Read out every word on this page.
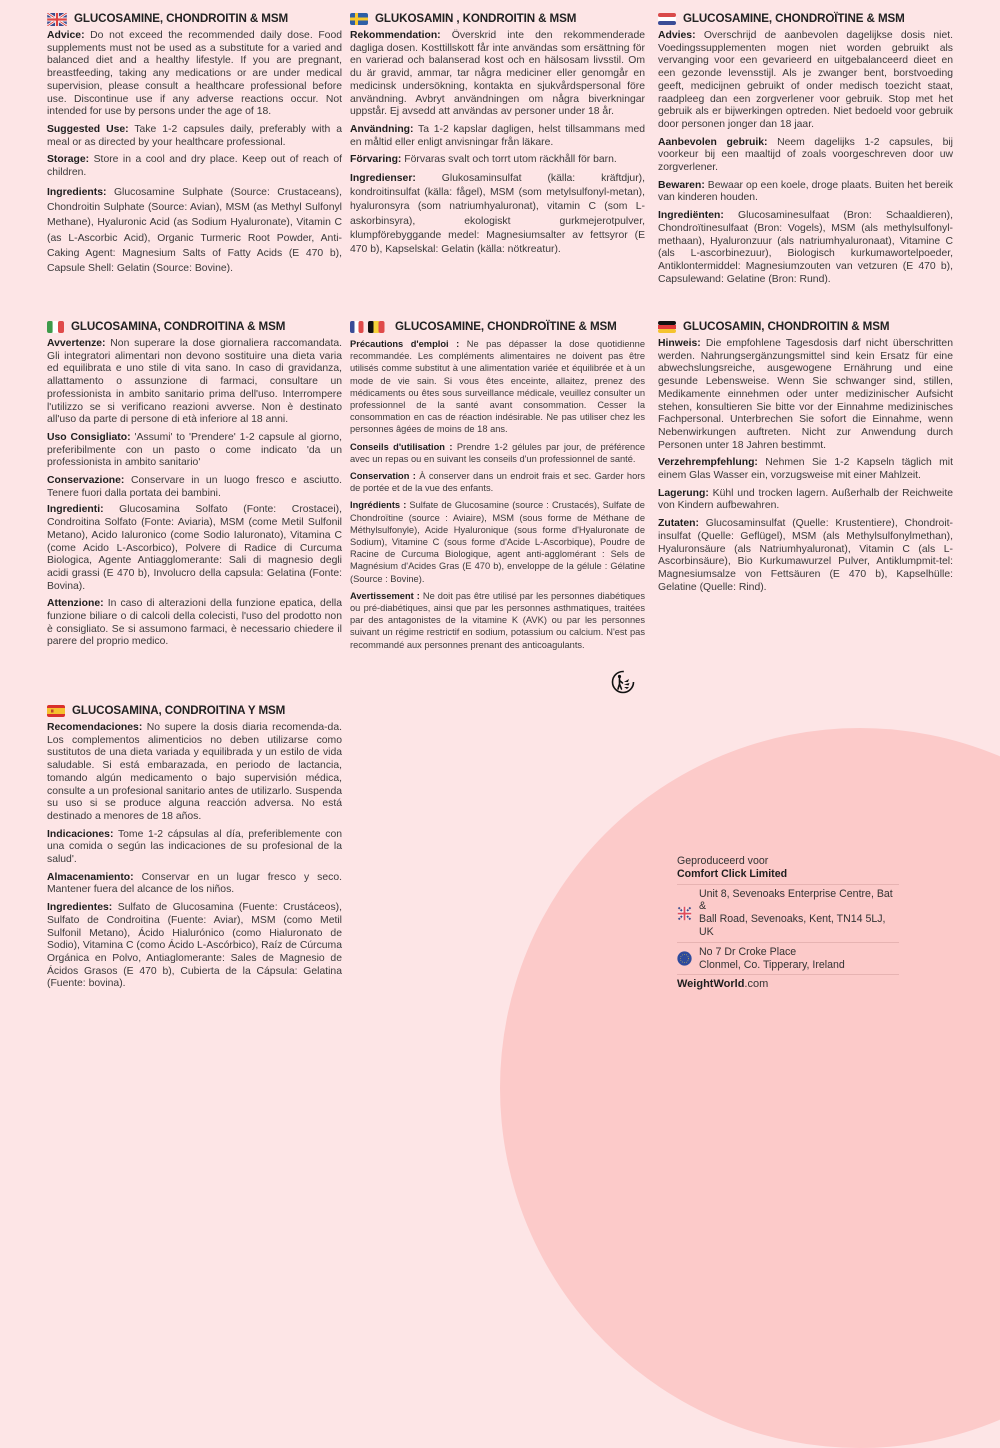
GLUCOSAMINE, CHONDROITIN & MSM

Advice: Do not exceed the recommended daily dose. Food supplements must not be used as a substitute for a varied and balanced diet and a healthy lifestyle. If you are pregnant, breastfeeding, taking any medications or are under medical supervision, please consult a healthcare professional before use. Discontinue use if any adverse reactions occur. Not intended for use by persons under the age of 18.

Suggested Use: Take 1-2 capsules daily, preferably with a meal or as directed by your healthcare professional.

Storage: Store in a cool and dry place. Keep out of reach of children.

Ingredients: Glucosamine Sulphate (Source: Crustaceans), Chondroitin Sulphate (Source: Avian), MSM (as Methyl Sulfonyl Methane), Hyaluronic Acid (as Sodium Hyaluronate), Vitamin C (as L-Ascorbic Acid), Organic Turmeric Root Powder, Anti-Caking Agent: Magnesium Salts of Fatty Acids (E 470 b), Capsule Shell: Gelatin (Source: Bovine).

GLUKOSAMIN , KONDROITIN & MSM

Rekommendation: Överskrid inte den rekommenderade dagliga dosen. Kosttillskott får inte användas som ersättning för en varierad och balanserad kost och en hälsosam livsstil. Om du är gravid, ammar, tar några mediciner eller genomgår en medicinsk undersökning, kontakta en sjukvårdspersonal före användning. Avbryt användningen om några biverkningar uppstår. Ej avsedd att användas av personer under 18 år.

Användning: Ta 1-2 kapslar dagligen, helst tillsammans med en måltid eller enligt anvisningar från läkare.

Förvaring: Förvaras svalt och torrt utom räckhåll för barn.

Ingredienser: Glukosaminsulfat (källa: kräftdjur), kondroitinsulfat (källa: fågel), MSM (som metylsulfonyl-metan), hyaluronsyra (som natriumhyaluronat), vitamin C (som L-askorbinsyra), ekologiskt gurkmejerotpulver, klumpförebyggande medel: Magnesiumsalter av fettsyror (E 470 b), Kapselskal: Gelatin (källa: nötkreatur).

GLUCOSAMINE, CHONDROÏTINE & MSM

Advies: Overschrijd de aanbevolen dagelijkse dosis niet. Voedingssupplementen mogen niet worden gebruikt als vervanging voor een gevarieerd en uitgebalanceerd dieet en een gezonde levensstijl. Als je zwanger bent, borstvoeding geeft, medicijnen gebruikt of onder medisch toezicht staat, raadpleeg dan een zorgverlener voor gebruik. Stop met het gebruik als er bijwerkingen optreden. Niet bedoeld voor gebruik door personen jonger dan 18 jaar.

Aanbevolen gebruik: Neem dagelijks 1-2 capsules, bij voorkeur bij een maaltijd of zoals voorgeschreven door uw zorgverlener.

Bewaren: Bewaar op een koele, droge plaats. Buiten het bereik van kinderen houden.

Ingrediënten: Glucosaminesulfaat (Bron: Schaaldieren), Chondroïtinesulfaat (Bron: Vogels), MSM (als methylsulfonyl-methaan), Hyaluronzuur (als natriumhyaluronaat), Vitamine C (als L-ascorbinezuur), Biologisch kurkumawortelpoeder, Antiklontermiddel: Magnesiumzouten van vetzuren (E 470 b), Capsulewand: Gelatine (Bron: Rund).

GLUCOSAMINA, CONDROITINA & MSM

Avvertenze: Non superare la dose giornaliera raccomandata. Gli integratori alimentari non devono sostituire una dieta varia ed equilibrata e uno stile di vita sano. In caso di gravidanza, allattamento o assunzione di farmaci, consultare un professionista in ambito sanitario prima dell'uso. Interrompere l'utilizzo se si verificano reazioni avverse. Non è destinato all'uso da parte di persone di età inferiore al 18 anni.

Uso Consigliato: 'Assumi' to 'Prendere' 1-2 capsule al giorno, preferibilmente con un pasto o come indicato 'da un professionista in ambito sanitario'

Conservazione: Conservare in un luogo fresco e asciutto. Tenere fuori dalla portata dei bambini.

Ingredienti: Glucosamina Solfato (Fonte: Crostacei), Condroitina Solfato (Fonte: Aviaria), MSM (come Metil Sulfonil Metano), Acido Ialuronico (come Sodio Ialuronato), Vitamina C (come Acido L-Ascorbico), Polvere di Radice di Curcuma Biologica, Agente Antiagglomerante: Sali di magnesio degli acidi grassi (E 470 b), Involucro della capsula: Gelatina (Fonte: Bovina).

Attenzione: In caso di alterazioni della funzione epatica, della funzione biliare o di calcoli della colecisti, l'uso del prodotto non è consigliato. Se si assumono farmaci, è necessario chiedere il parere del proprio medico.

GLUCOSAMINE, CHONDROÏTINE & MSM

Précautions d'emploi : Ne pas dépasser la dose quotidienne recommandée. Les compléments alimentaires ne doivent pas être utilisés comme substitut à une alimentation variée et équilibrée et à un mode de vie sain. Si vous êtes enceinte, allaitez, prenez des médicaments ou êtes sous surveillance médicale, veuillez consulter un professionnel de la santé avant consommation. Cesser la consommation en cas de réaction indésirable. Ne pas utiliser chez les personnes âgées de moins de 18 ans.

Conseils d'utilisation : Prendre 1-2 gélules par jour, de préférence avec un repas ou en suivant les conseils d'un professionnel de santé.

Conservation : À conserver dans un endroit frais et sec. Garder hors de portée et de la vue des enfants.

Ingrédients : Sulfate de Glucosamine (source : Crustacés), Sulfate de Chondroïtine (source : Aviaire), MSM (sous forme de Méthane de Méthylsulfonyle), Acide Hyaluronique (sous forme d'Hyaluronate de Sodium), Vitamine C (sous forme d'Acide L-Ascorbique), Poudre de Racine de Curcuma Biologique, agent anti-agglomérant : Sels de Magnésium d'Acides Gras (E 470 b), enveloppe de la gélule : Gélatine (Source : Bovine).

Avertissement : Ne doit pas être utilisé par les personnes diabétiques ou pré-diabétiques, ainsi que par les personnes asthmatiques, traitées par des antagonistes de la vitamine K (AVK) ou par les personnes suivant un régime restrictif en sodium, potassium ou calcium. N'est pas recommandé aux personnes prenant des anticoagulants.

GLUCOSAMIN, CHONDROITIN & MSM

Hinweis: Die empfohlene Tagesdosis darf nicht überschritten werden. Nahrungsergänzungsmittel sind kein Ersatz für eine abwechslungsreiche, ausgewogene Ernährung und eine gesunde Lebensweise. Wenn Sie schwanger sind, stillen, Medikamente einnehmen oder unter medizinischer Aufsicht stehen, konsultieren Sie bitte vor der Einnahme medizinisches Fachpersonal. Unterbrechen Sie sofort die Einnahme, wenn Nebenwirkungen auftreten. Nicht zur Anwendung durch Personen unter 18 Jahren bestimmt.

Verzehrempfehlung: Nehmen Sie 1-2 Kapseln täglich mit einem Glas Wasser ein, vorzugsweise mit einer Mahlzeit.

Lagerung: Kühl und trocken lagern. Außerhalb der Reichweite von Kindern aufbewahren.

Zutaten: Glucosaminsulfat (Quelle: Krustentiere), Chondroit-insulfat (Quelle: Geflügel), MSM (als Methylsulfonylmethan), Hyaluronsäure (als Natriumhyaluronat), Vitamin C (als L-Ascorbinsäure), Bio Kurkumawurzel Pulver, Antiklumpmit-tel: Magnesiumsalze von Fettsäuren (E 470 b), Kapselhülle: Gelatine (Quelle: Rind).

GLUCOSAMINA, CONDROITINA Y MSM

Recomendaciones: No supere la dosis diaria recomenda-da. Los complementos alimenticios no deben utilizarse como sustitutos de una dieta variada y equilibrada y un estilo de vida saludable. Si está embarazada, en periodo de lactancia, tomando algún medicamento o bajo supervisión médica, consulte a un profesional sanitario antes de utilizarlo. Suspenda su uso si se produce alguna reacción adversa. No está destinado a menores de 18 años.

Indicaciones: Tome 1-2 cápsulas al día, preferiblemente con una comida o según las indicaciones de su profesional de la salud'.

Almacenamiento: Conservar en un lugar fresco y seco. Mantener fuera del alcance de los niños.

Ingredientes: Sulfato de Glucosamina (Fuente: Crustáceos), Sulfato de Condroitina (Fuente: Aviar), MSM (como Metil Sulfonil Metano), Ácido Hialurónico (como Hialuronato de Sodio), Vitamina C (como Ácido L-Ascórbico), Raíz de Cúrcuma Orgánica en Polvo, Antiaglomerante: Sales de Magnesio de Ácidos Grasos (E 470 b), Cubierta de la Cápsula: Gelatina (Fuente: bovina).

Geproduceerd voor
Comfort Click Limited
Unit 8, Sevenoaks Enterprise Centre, Bat &
Ball Road, Sevenoaks, Kent, TN14 5LJ, UK
No 7 Dr Croke Place
Clonmel, Co. Tipperary, Ireland
WeightWorld.com
